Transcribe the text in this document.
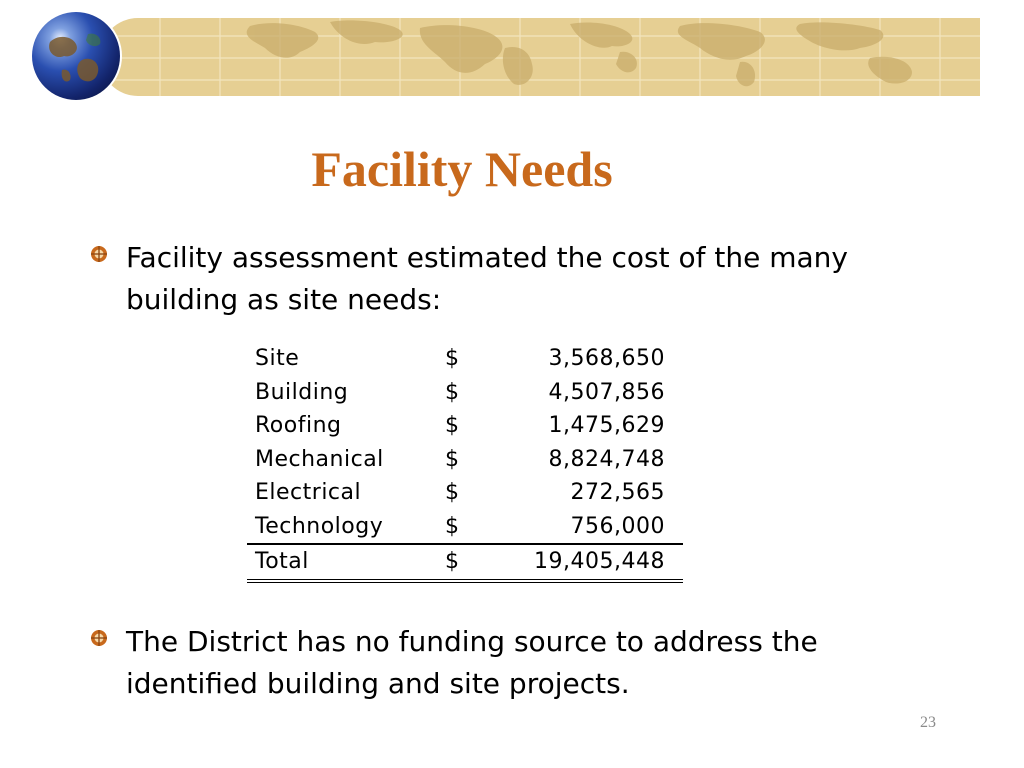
Facility Needs
Facility assessment estimated the cost of the many building as site needs:
Site	$	3,568,650
Building	$	4,507,856
Roofing	$	1,475,629
Mechanical	$	8,824,748
Electrical	$	272,565
Technology	$	756,000
Total	$	19,405,448
The District has no funding source to address the identified building and site projects.
23
